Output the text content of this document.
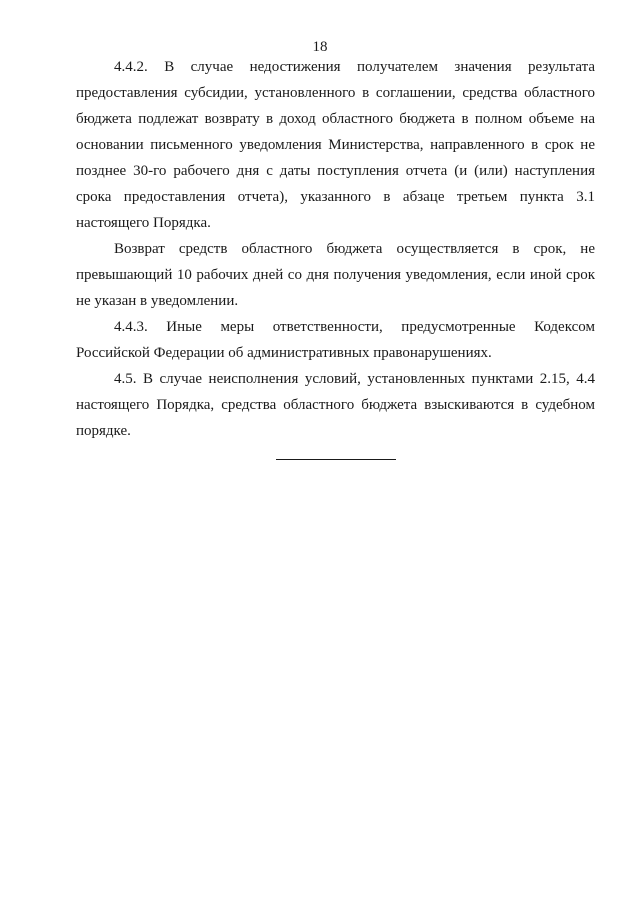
18

4.4.2. В случае недостижения получателем значения результата предоставления субсидии, установленного в соглашении, средства областного бюджета подлежат возврату в доход областного бюджета в полном объеме на основании письменного уведомления Министерства, направленного в срок не позднее 30-го рабочего дня с даты поступления отчета (и (или) наступления срока предоставления отчета), указанного в абзаце третьем пункта 3.1 настоящего Порядка.

Возврат средств областного бюджета осуществляется в срок, не превышающий 10 рабочих дней со дня получения уведомления, если иной срок не указан в уведомлении.

4.4.3. Иные меры ответственности, предусмотренные Кодексом Российской Федерации об административных правонарушениях.

4.5. В случае неисполнения условий, установленных пунктами 2.15, 4.4 настоящего Порядка, средства областного бюджета взыскиваются в судебном порядке.
